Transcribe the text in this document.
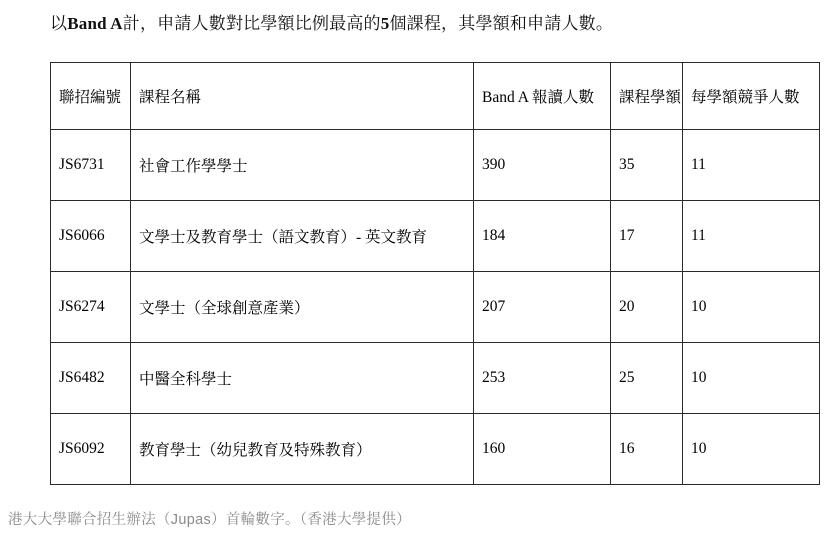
以Band A計，申請人數對比學額比例最高的5個課程，其學額和申請人數。
聯招編號	課程名稱	Band A 報讀人數	課程學額	每學額競爭人數
JS6731	社會工作學學士	390	35	11
JS6066	文學士及教育學士（語文教育）- 英文教育	184	17	11
JS6274	文學士（全球創意產業）	207	20	10
JS6482	中醫全科學士	253	25	10
JS6092	教育學士（幼兒教育及特殊教育）	160	16	10
港大大學聯合招生辦法（Jupas）首輪數字。（香港大學提供）
